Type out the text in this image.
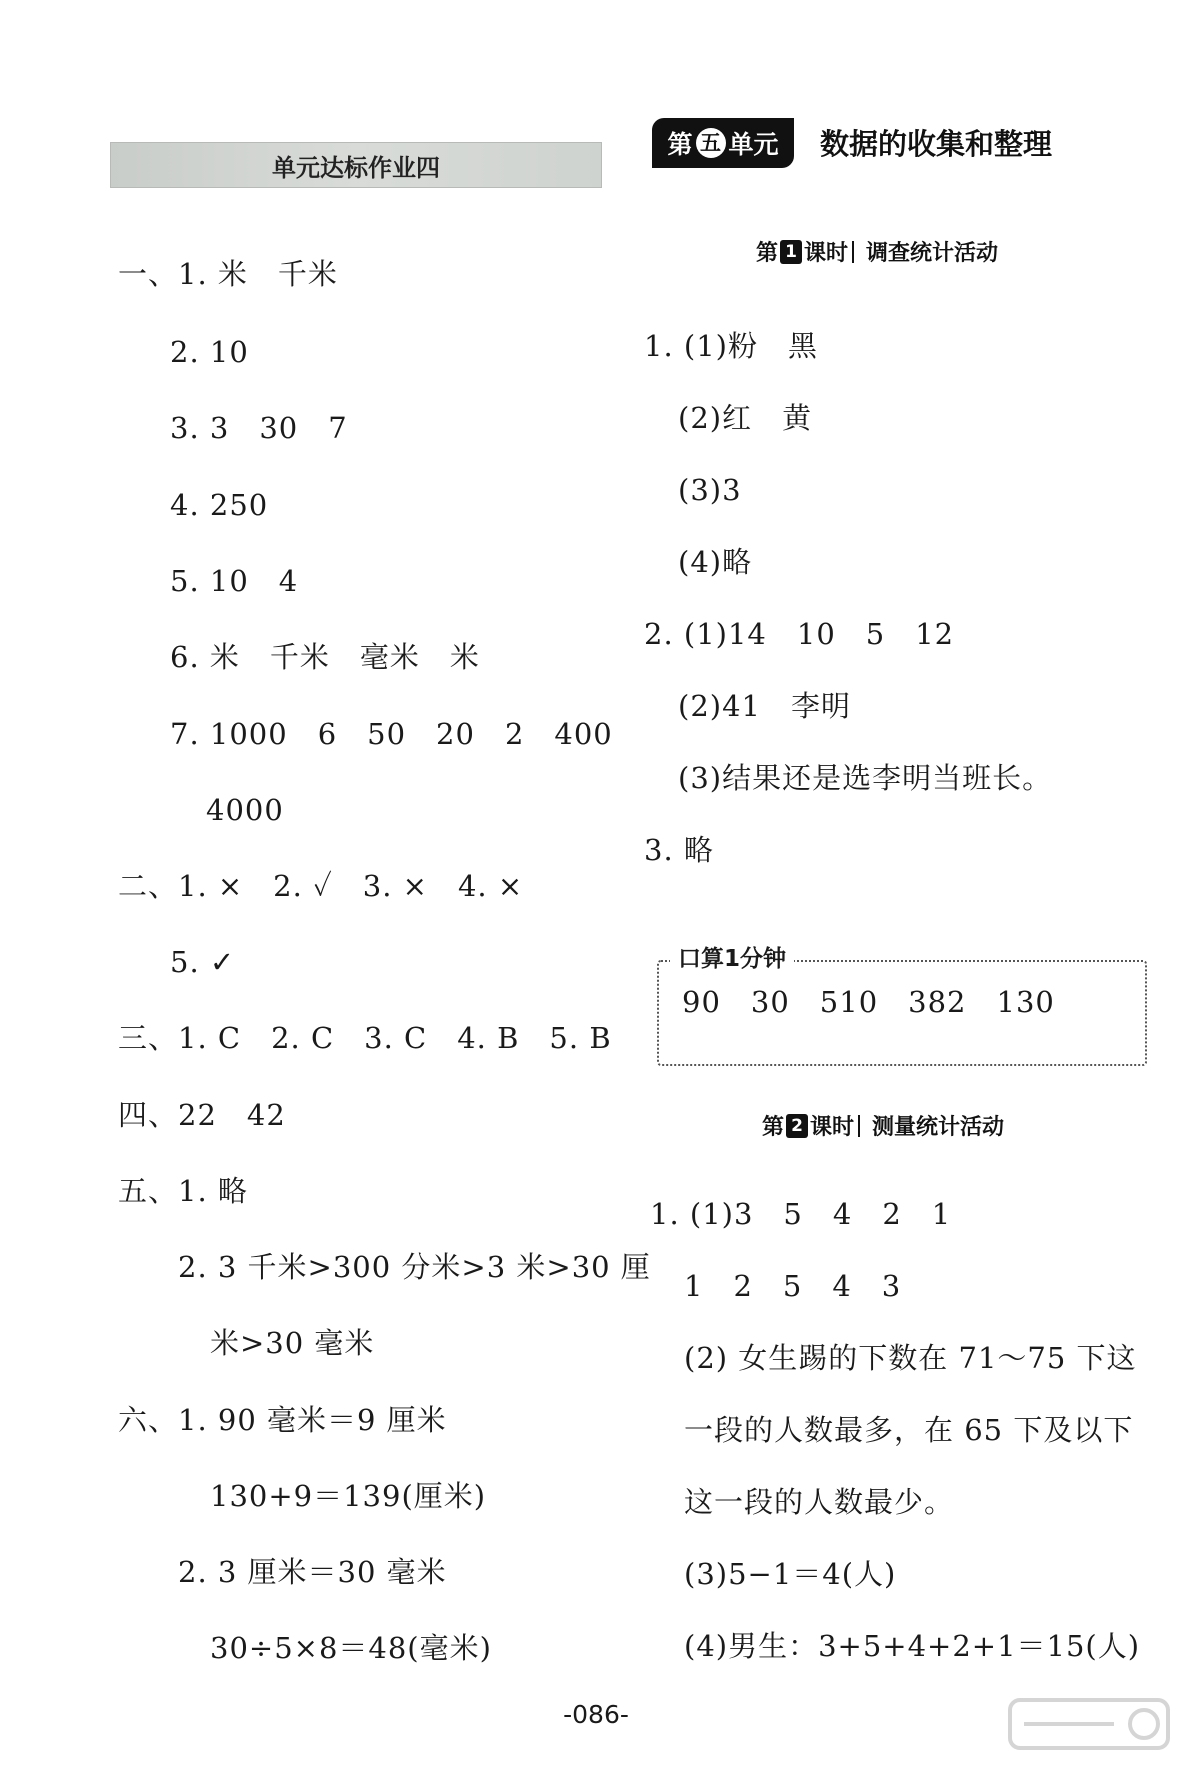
单元达标作业四
一、1. 米　千米
2. 10
3. 3　30　7
4. 250
5. 10　4
6. 米　千米　毫米　米
7. 1000　6　50　20　2　400
4000
二、1. ×　2. ✓　3. ×　4. ×
5. ✓
三、1. C　2. C　3. C　4. B　5. B
四、22　42
五、1. 略
2. 3 千米>300 分米>3 米>30 厘
米>30 毫米
六、1. 90 毫米＝9 厘米
130+9＝139(厘米)
2. 3 厘米＝30 毫米
30÷5×8＝48(毫米)
第 五 单元 数据的收集和整理
第 1 课时 调查统计活动
1. (1)粉　黑
(2)红　黄
(3)3
(4)略
2. (1)14　10　5　12
(2)41　李明
(3)结果还是选李明当班长。
3. 略
口算1分钟
90　30　510　382　130
第 2 课时 测量统计活动
1. (1)3　5　4　2　1
1　2　5　4　3
(2) 女生踢的下数在 71～75 下这
一段的人数最多，在 65 下及以下
这一段的人数最少。
(3)5−1＝4(人)
(4)男生：3+5+4+2+1＝15(人)
-086-
